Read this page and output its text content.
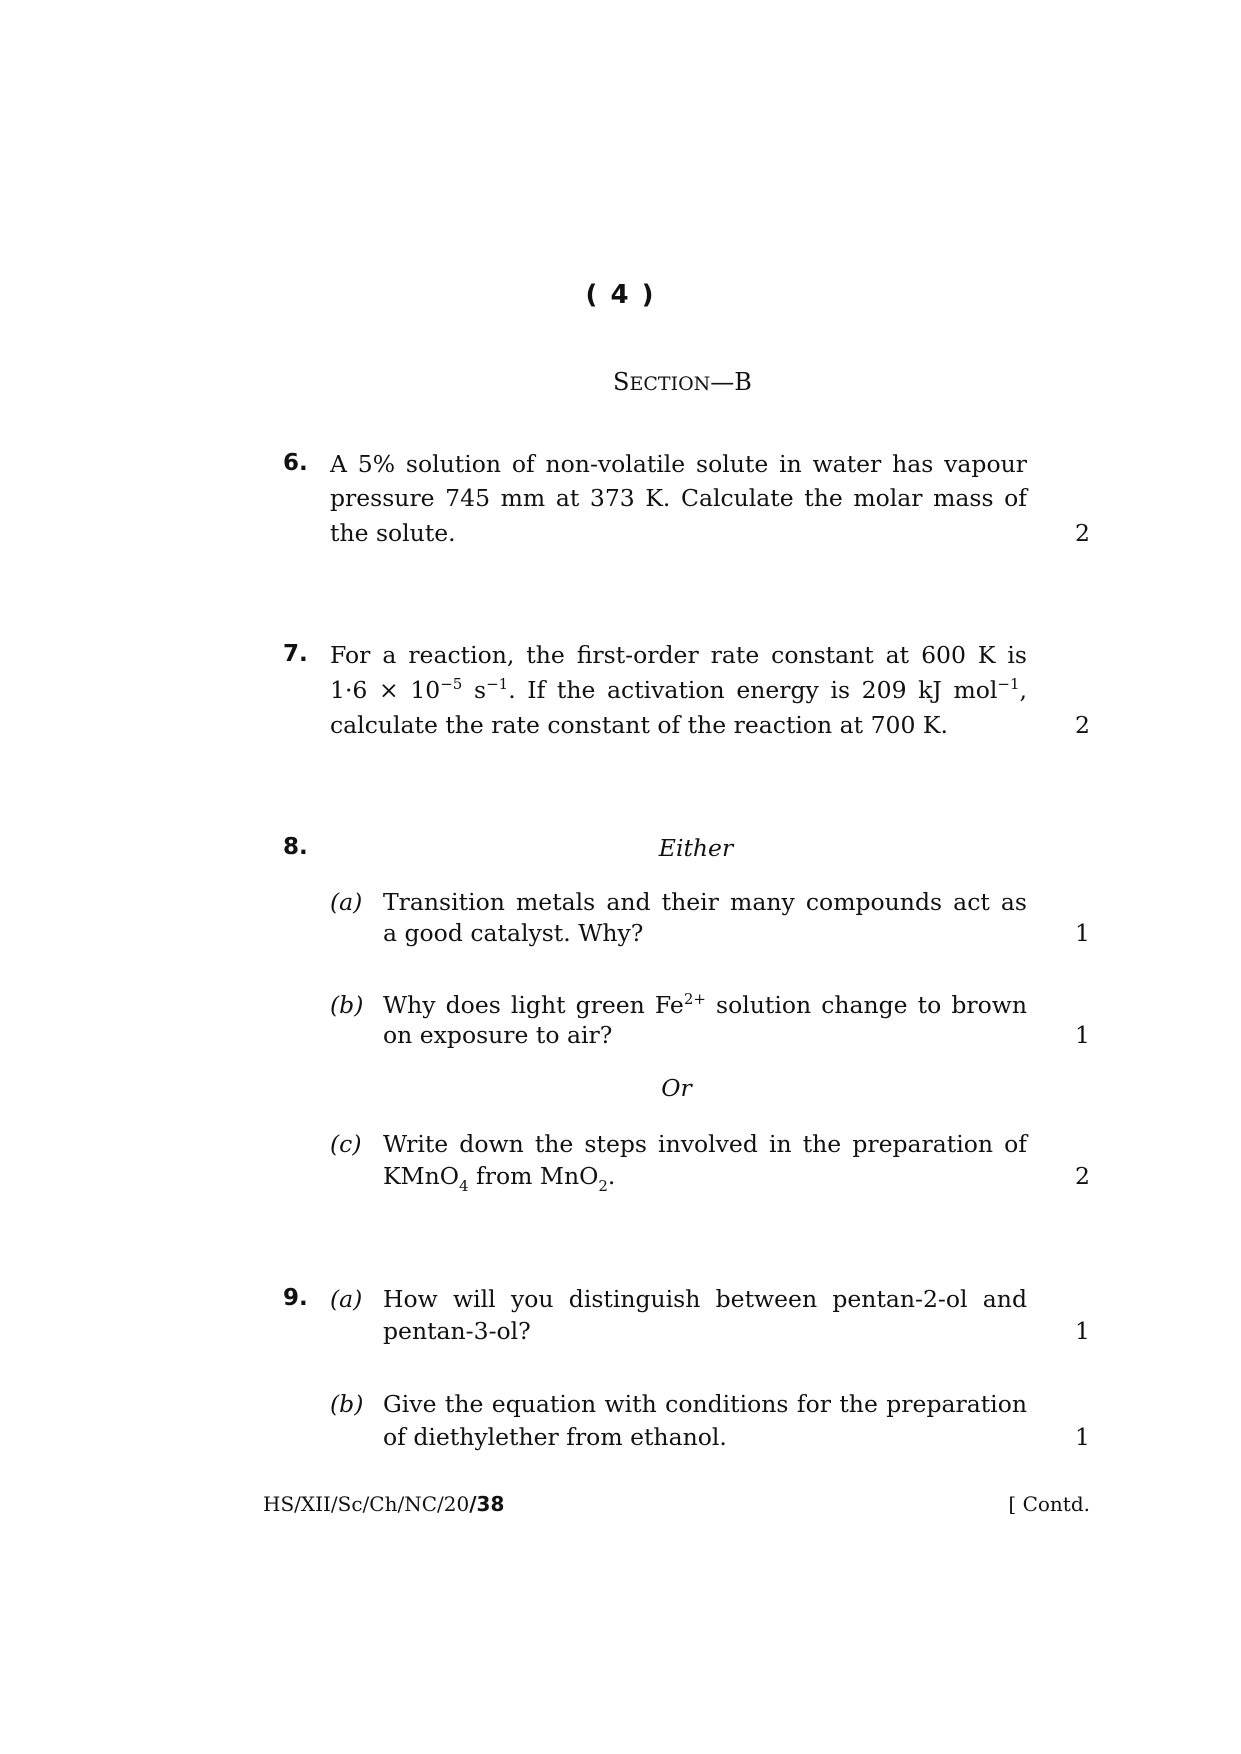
( 4 )
SECTION—B
6. A 5% solution of non-volatile solute in water has vapour
pressure 745 mm at 373 K. Calculate the molar mass of
the solute.	2
7. For a reaction, the first-order rate constant at 600 K is
$1\cdot 6 \times 10^{-5}$ $s^{-1}$. If the activation energy is 209 kJ mol$^{-1}$,
calculate the rate constant of the reaction at 700 K.	2
8.	Either
(a) Transition metals and their many compounds act as
a good catalyst. Why?	1
(b) Why does light green $Fe^{2+}$ solution change to brown
on exposure to air?	1
Or
(c) Write down the steps involved in the preparation of
KMnO$_4$ from MnO$_2$.	2
9. (a) How will you distinguish between pentan-2-ol and
pentan-3-ol?	1
(b) Give the equation with conditions for the preparation
of diethylether from ethanol.	1
HS/XII/Sc/Ch/NC/20/38	[ Contd.
